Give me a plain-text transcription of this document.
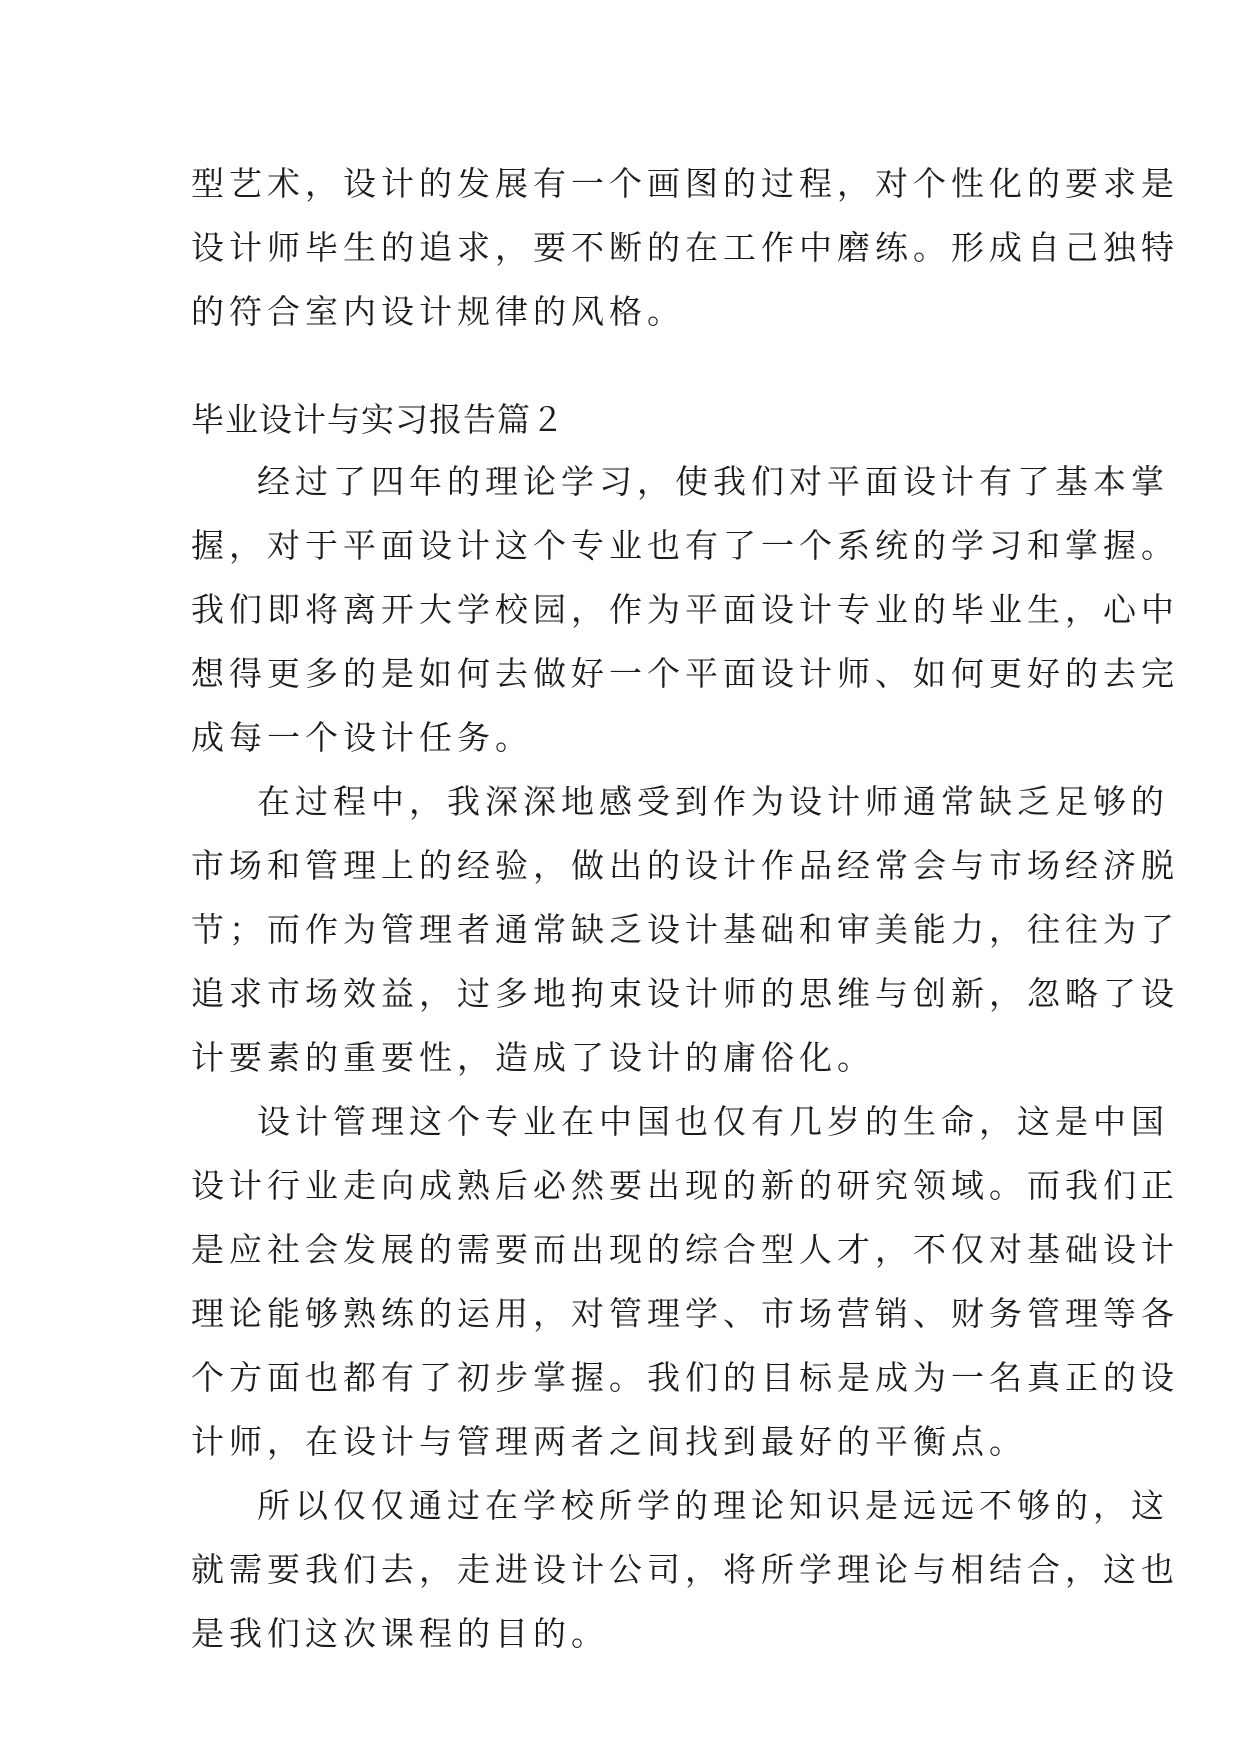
型艺术，设计的发展有一个画图的过程，对个性化的要求是
设计师毕生的追求，要不断的在工作中磨练。形成自己独特
的符合室内设计规律的风格。
毕业设计与实习报告篇２
经过了四年的理论学习，使我们对平面设计有了基本掌
握，对于平面设计这个专业也有了一个系统的学习和掌握。
我们即将离开大学校园，作为平面设计专业的毕业生，心中
想得更多的是如何去做好一个平面设计师、如何更好的去完
成每一个设计任务。
在过程中，我深深地感受到作为设计师通常缺乏足够的
市场和管理上的经验，做出的设计作品经常会与市场经济脱
节；而作为管理者通常缺乏设计基础和审美能力，往往为了
追求市场效益，过多地拘束设计师的思维与创新，忽略了设
计要素的重要性，造成了设计的庸俗化。
设计管理这个专业在中国也仅有几岁的生命，这是中国
设计行业走向成熟后必然要出现的新的研究领域。而我们正
是应社会发展的需要而出现的综合型人才，不仅对基础设计
理论能够熟练的运用，对管理学、市场营销、财务管理等各
个方面也都有了初步掌握。我们的目标是成为一名真正的设
计师，在设计与管理两者之间找到最好的平衡点。
所以仅仅通过在学校所学的理论知识是远远不够的，这
就需要我们去，走进设计公司，将所学理论与相结合，这也
是我们这次课程的目的。
